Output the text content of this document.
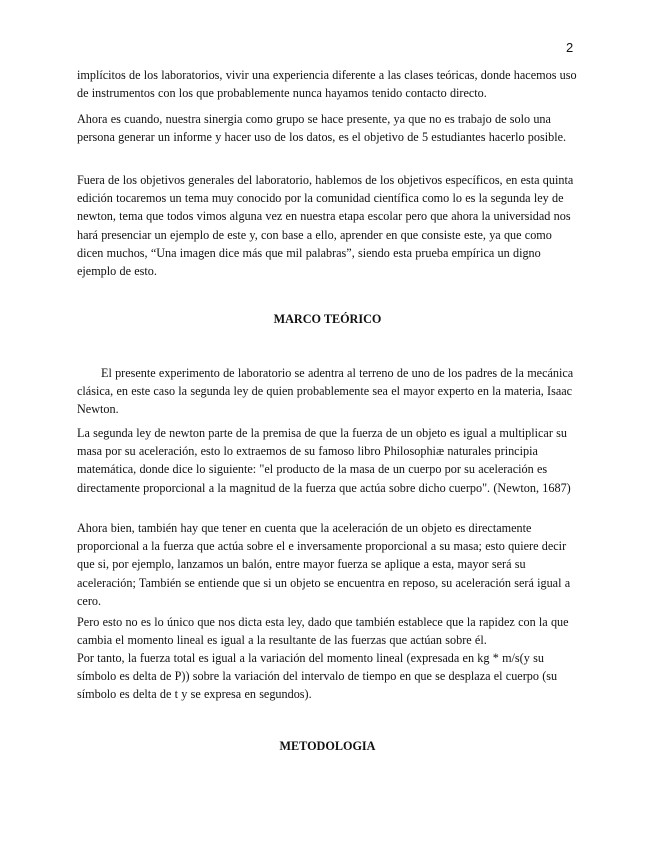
2

implícitos de los laboratorios, vivir una experiencia diferente a las clases teóricas, donde hacemos uso de instrumentos con los que probablemente nunca hayamos tenido contacto directo.

Ahora es cuando, nuestra sinergia como grupo se hace presente, ya que no es trabajo de solo una persona generar un informe y hacer uso de los datos, es el objetivo de 5 estudiantes hacerlo posible.

Fuera de los objetivos generales del laboratorio, hablemos de los objetivos específicos, en esta quinta edición tocaremos un tema muy conocido por la comunidad científica como lo es la segunda ley de newton, tema que todos vimos alguna vez en nuestra etapa escolar pero que ahora la universidad nos hará presenciar un ejemplo de este y, con base a ello, aprender en que consiste este, ya que como dicen muchos, “Una imagen dice más que mil palabras”, siendo esta prueba empírica un digno ejemplo de esto.

MARCO TEÓRICO

El presente experimento de laboratorio se adentra al terreno de uno de los padres de la mecánica clásica, en este caso la segunda ley de quien probablemente sea el mayor experto en la materia, Isaac Newton.

La segunda ley de newton parte de la premisa de que la fuerza de un objeto es igual a multiplicar su masa por su aceleración, esto lo extraemos de su famoso libro Philosophiæ naturales principia matemática, donde dice lo siguiente: "el producto de la masa de un cuerpo por su aceleración es directamente proporcional a la magnitud de la fuerza que actúa sobre dicho cuerpo". (Newton, 1687)

Ahora bien, también hay que tener en cuenta que la aceleración de un objeto es directamente proporcional a la fuerza que actúa sobre el e inversamente proporcional a su masa; esto quiere decir que si, por ejemplo, lanzamos un balón, entre mayor fuerza se aplique a esta, mayor será su aceleración; También se entiende que si un objeto se encuentra en reposo, su aceleración será igual a cero.

Pero esto no es lo único que nos dicta esta ley, dado que también establece que la rapidez con la que cambia el momento lineal es igual a la resultante de las fuerzas que actúan sobre él.

Por tanto, la fuerza total es igual a la variación del momento lineal (expresada en kg * m/s(y su símbolo es delta de P)) sobre la variación del intervalo de tiempo en que se desplaza el cuerpo (su símbolo es delta de t y se expresa en segundos).

METODOLOGIA
